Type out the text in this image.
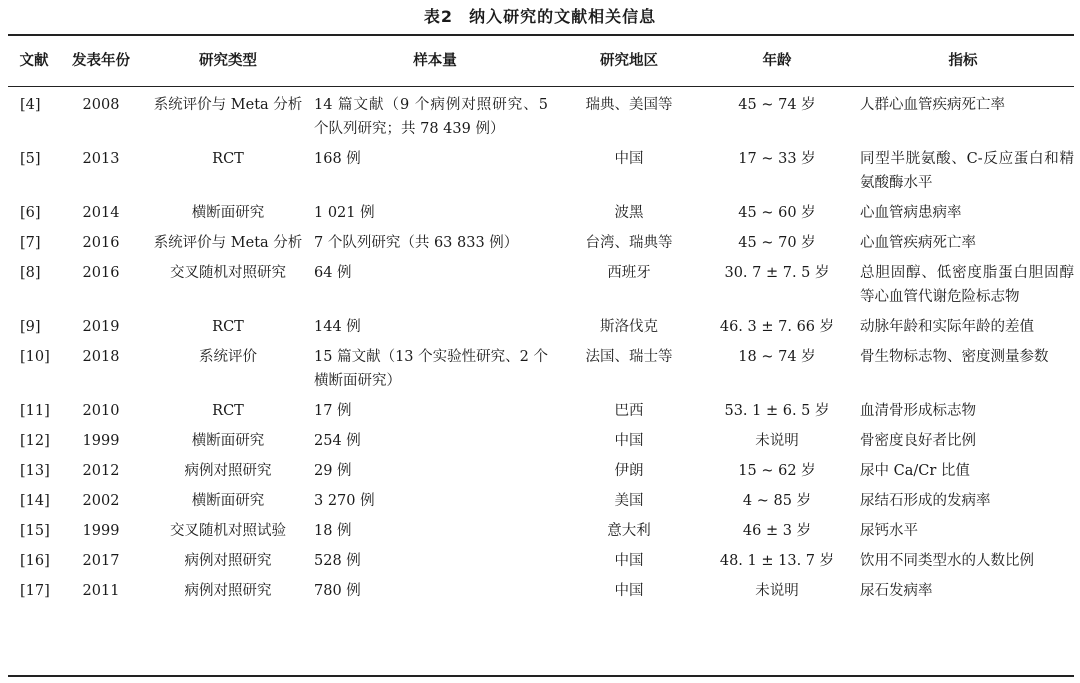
表2 纳入研究的文献相关信息
文献	发表年份	研究类型	样本量	研究地区	年龄	指标
[4]	2008	系统评价与 Meta 分析	14 篇文献（9 个病例对照研究、5 个队列研究；共 78 439 例）	瑞典、美国等	45 ~ 74 岁	人群心血管疾病死亡率
[5]	2013	RCT	168 例	中国	17 ~ 33 岁	同型半胱氨酸、C-反应蛋白和精氨酸酶水平
[6]	2014	横断面研究	1 021 例	波黑	45 ~ 60 岁	心血管病患病率
[7]	2016	系统评价与 Meta 分析	7 个队列研究（共 63 833 例）	台湾、瑞典等	45 ~ 70 岁	心血管疾病死亡率
[8]	2016	交叉随机对照研究	64 例	西班牙	30. 7 ± 7. 5 岁	总胆固醇、低密度脂蛋白胆固醇等心血管代谢危险标志物
[9]	2019	RCT	144 例	斯洛伐克	46. 3 ± 7. 66 岁	动脉年龄和实际年龄的差值
[10]	2018	系统评价	15 篇文献（13 个实验性研究、2 个横断面研究）	法国、瑞士等	18 ~ 74 岁	骨生物标志物、密度测量参数
[11]	2010	RCT	17 例	巴西	53. 1 ± 6. 5 岁	血清骨形成标志物
[12]	1999	横断面研究	254 例	中国	未说明	骨密度良好者比例
[13]	2012	病例对照研究	29 例	伊朗	15 ~ 62 岁	尿中 Ca/Cr 比值
[14]	2002	横断面研究	3 270 例	美国	4 ~ 85 岁	尿结石形成的发病率
[15]	1999	交叉随机对照试验	18 例	意大利	46 ± 3 岁	尿钙水平
[16]	2017	病例对照研究	528 例	中国	48. 1 ± 13. 7 岁	饮用不同类型水的人数比例
[17]	2011	病例对照研究	780 例	中国	未说明	尿石发病率
